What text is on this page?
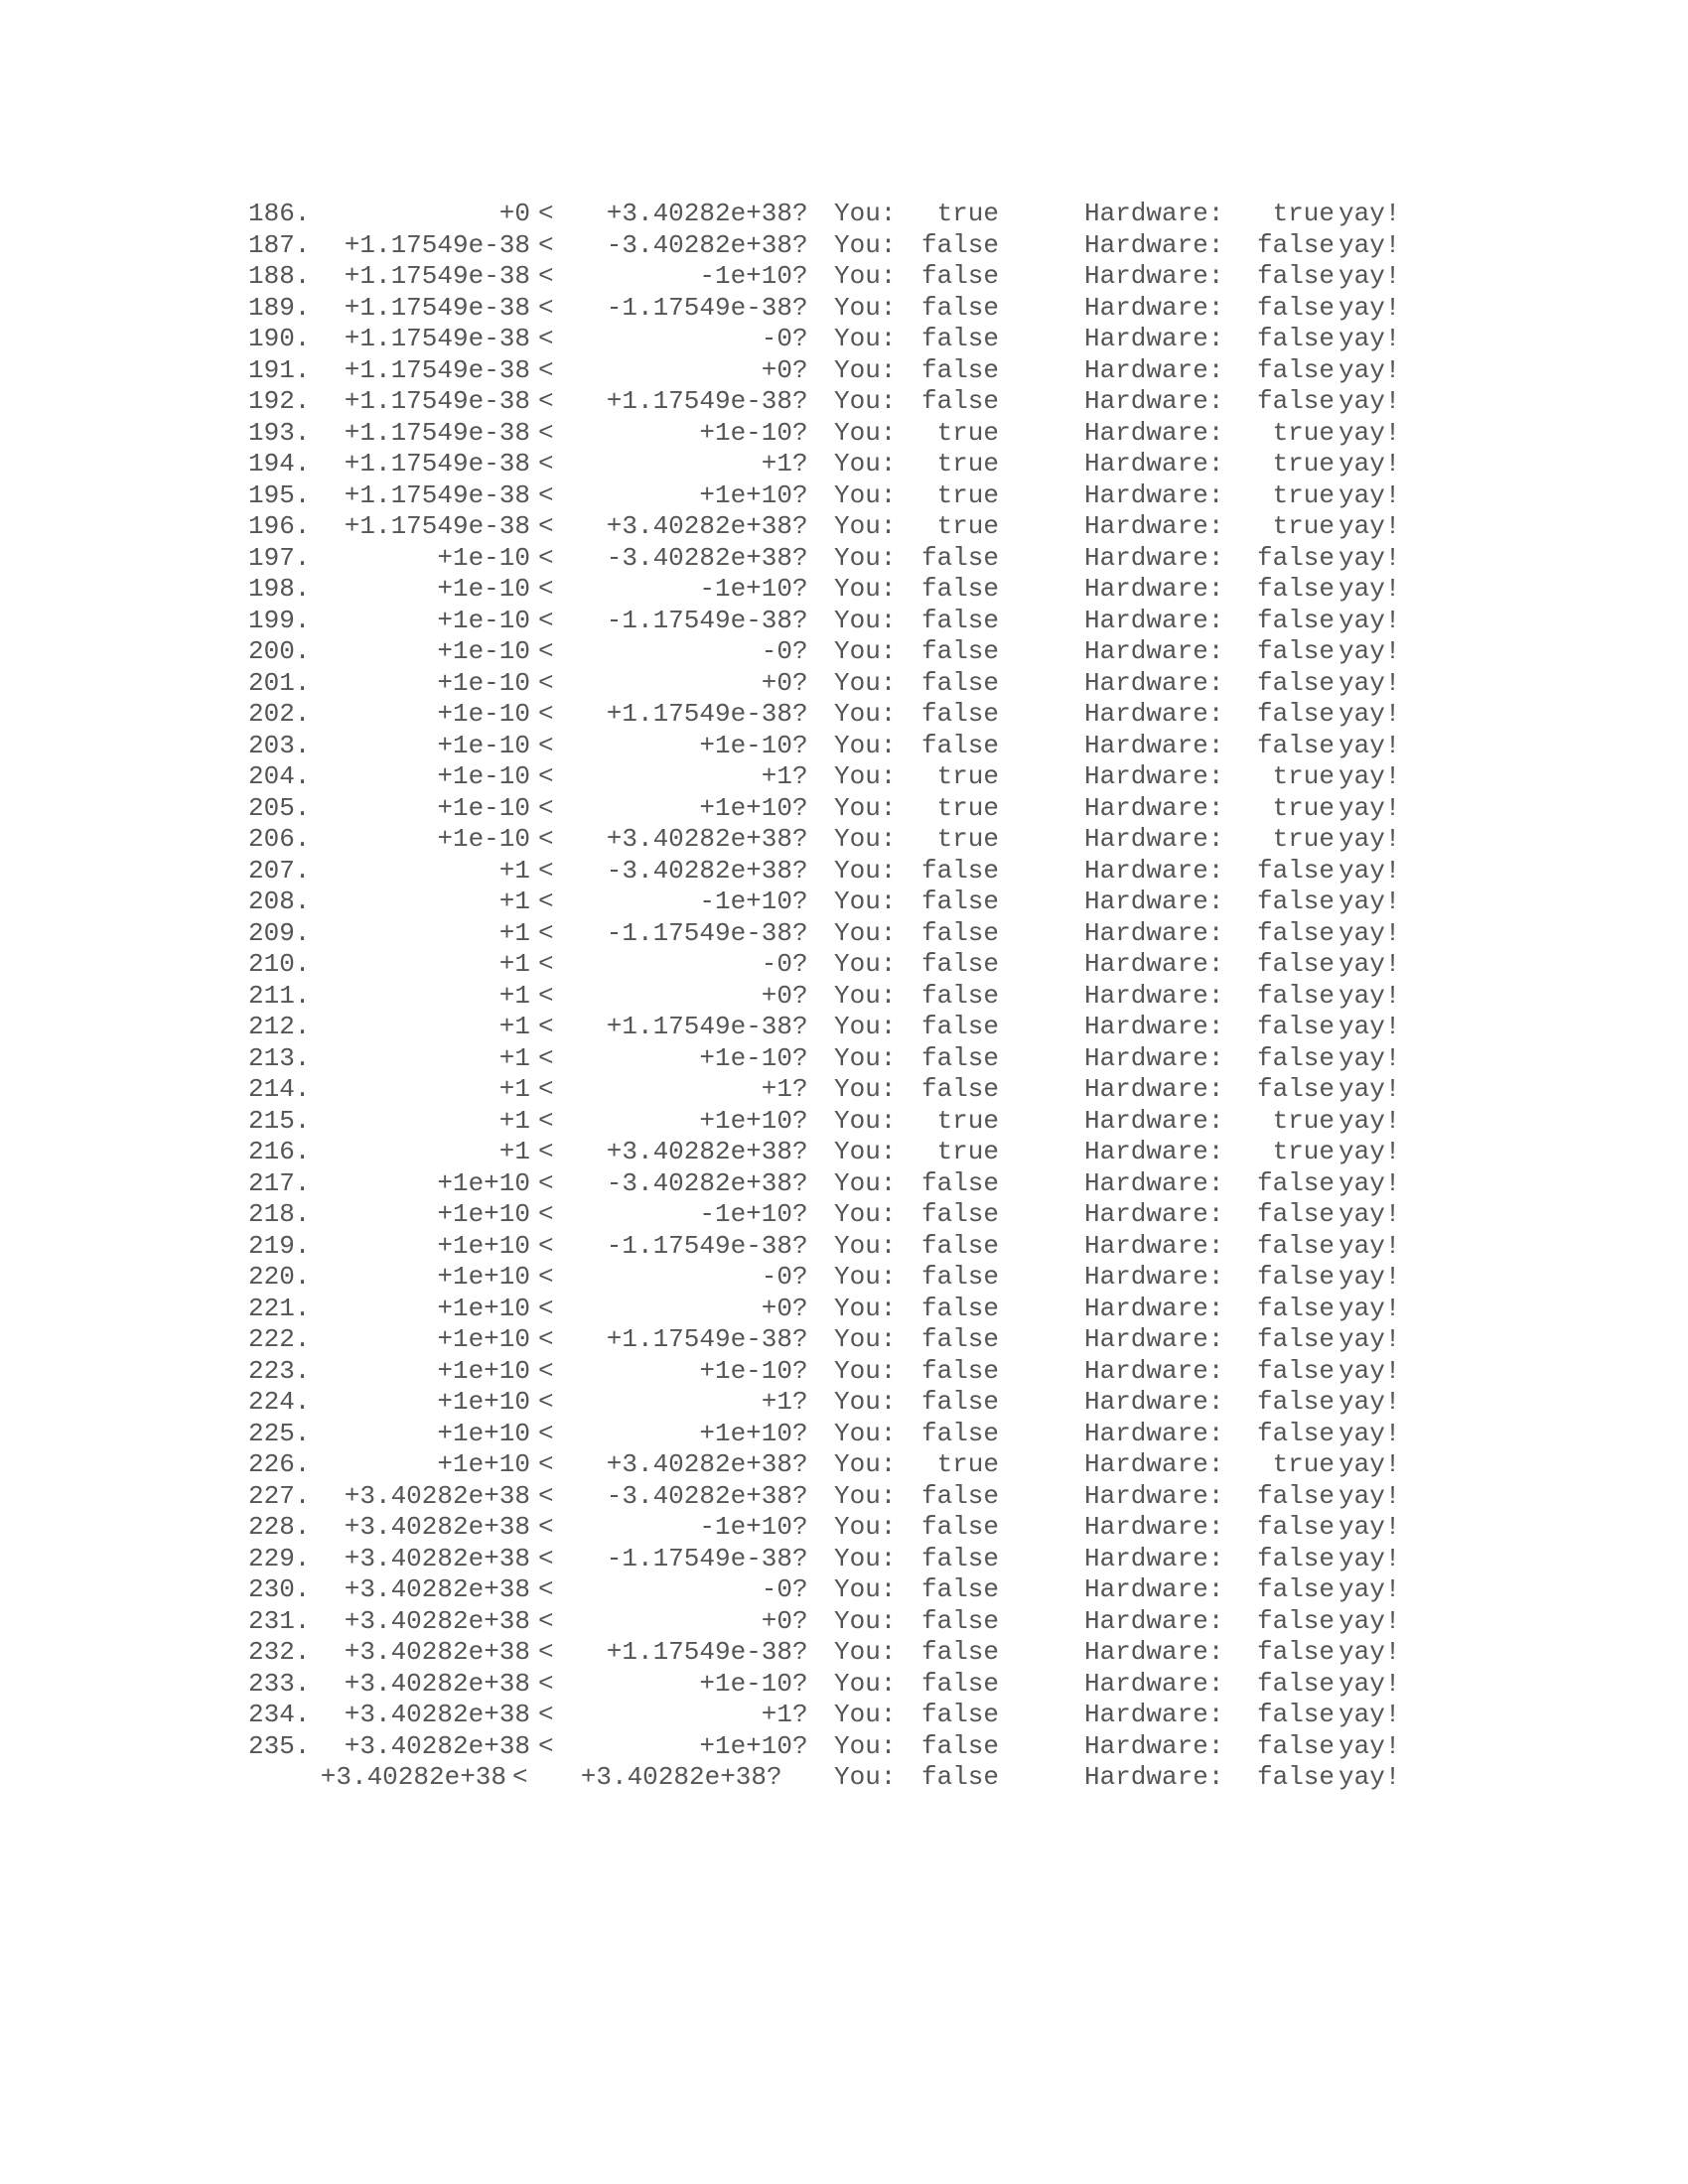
186.	+0 <	+3.40282e+38 ? You:	true	Hardware:	true yay!
187.	+1.17549e-38 <	-3.40282e+38 ? You: false	Hardware:	false yay!
188.	+1.17549e-38 <	-1e+10 ? You: false	Hardware:	false yay!
189.	+1.17549e-38 <	-1.17549e-38 ? You: false	Hardware:	false yay!
190.	+1.17549e-38 <	-0 ? You: false	Hardware:	false yay!
191.	+1.17549e-38 <	+0 ? You: false	Hardware:	false yay!
192.	+1.17549e-38 <	+1.17549e-38 ? You: false	Hardware:	false yay!
193.	+1.17549e-38 <	+1e-10 ? You:	true	Hardware:	true yay!
194.	+1.17549e-38 <	+1 ? You:	true	Hardware:	true yay!
195.	+1.17549e-38 <	+1e+10 ? You:	true	Hardware:	true yay!
196.	+1.17549e-38 <	+3.40282e+38 ? You:	true	Hardware:	true yay!
197.	+1e-10 <	-3.40282e+38 ? You: false	Hardware:	false yay!
198.	+1e-10 <	-1e+10 ? You: false	Hardware:	false yay!
199.	+1e-10 <	-1.17549e-38 ? You: false	Hardware:	false yay!
200.	+1e-10 <	-0 ? You: false	Hardware:	false yay!
201.	+1e-10 <	+0 ? You: false	Hardware:	false yay!
202.	+1e-10 <	+1.17549e-38 ? You: false	Hardware:	false yay!
203.	+1e-10 <	+1e-10 ? You: false	Hardware:	false yay!
204.	+1e-10 <	+1 ? You:	true	Hardware:	true yay!
205.	+1e-10 <	+1e+10 ? You:	true	Hardware:	true yay!
206.	+1e-10 <	+3.40282e+38 ? You:	true	Hardware:	true yay!
207.	+1 <	-3.40282e+38 ? You: false	Hardware:	false yay!
208.	+1 <	-1e+10 ? You: false	Hardware:	false yay!
209.	+1 <	-1.17549e-38 ? You: false	Hardware:	false yay!
210.	+1 <	-0 ? You: false	Hardware:	false yay!
211.	+1 <	+0 ? You: false	Hardware:	false yay!
212.	+1 <	+1.17549e-38 ? You: false	Hardware:	false yay!
213.	+1 <	+1e-10 ? You: false	Hardware:	false yay!
214.	+1 <	+1 ? You: false	Hardware:	false yay!
215.	+1 <	+1e+10 ? You:	true	Hardware:	true yay!
216.	+1 <	+3.40282e+38 ? You:	true	Hardware:	true yay!
217.	+1e+10 <	-3.40282e+38 ? You: false	Hardware:	false yay!
218.	+1e+10 <	-1e+10 ? You: false	Hardware:	false yay!
219.	+1e+10 <	-1.17549e-38 ? You: false	Hardware:	false yay!
220.	+1e+10 <	-0 ? You: false	Hardware:	false yay!
221.	+1e+10 <	+0 ? You: false	Hardware:	false yay!
222.	+1e+10 <	+1.17549e-38 ? You: false	Hardware:	false yay!
223.	+1e+10 <	+1e-10 ? You: false	Hardware:	false yay!
224.	+1e+10 <	+1 ? You: false	Hardware:	false yay!
225.	+1e+10 <	+1e+10 ? You: false	Hardware:	false yay!
226.	+1e+10 <	+3.40282e+38 ? You:	true	Hardware:	true yay!
227.	+3.40282e+38 <	-3.40282e+38 ? You: false	Hardware:	false yay!
228.	+3.40282e+38 <	-1e+10 ? You: false	Hardware:	false yay!
229.	+3.40282e+38 <	-1.17549e-38 ? You: false	Hardware:	false yay!
230.	+3.40282e+38 <	-0 ? You: false	Hardware:	false yay!
231.	+3.40282e+38 <	+0 ? You: false	Hardware:	false yay!
232.	+3.40282e+38 <	+1.17549e-38 ? You: false	Hardware:	false yay!
233.	+3.40282e+38 <	+1e-10 ? You: false	Hardware:	false yay!
234.	+3.40282e+38 <	+1 ? You: false	Hardware:	false yay!
235.	+3.40282e+38 <	+1e+10 ? You: false	Hardware:	false yay!
+3.40282e+38 <	+3.40282e+38 ? You: false	Hardware:	false yay!
